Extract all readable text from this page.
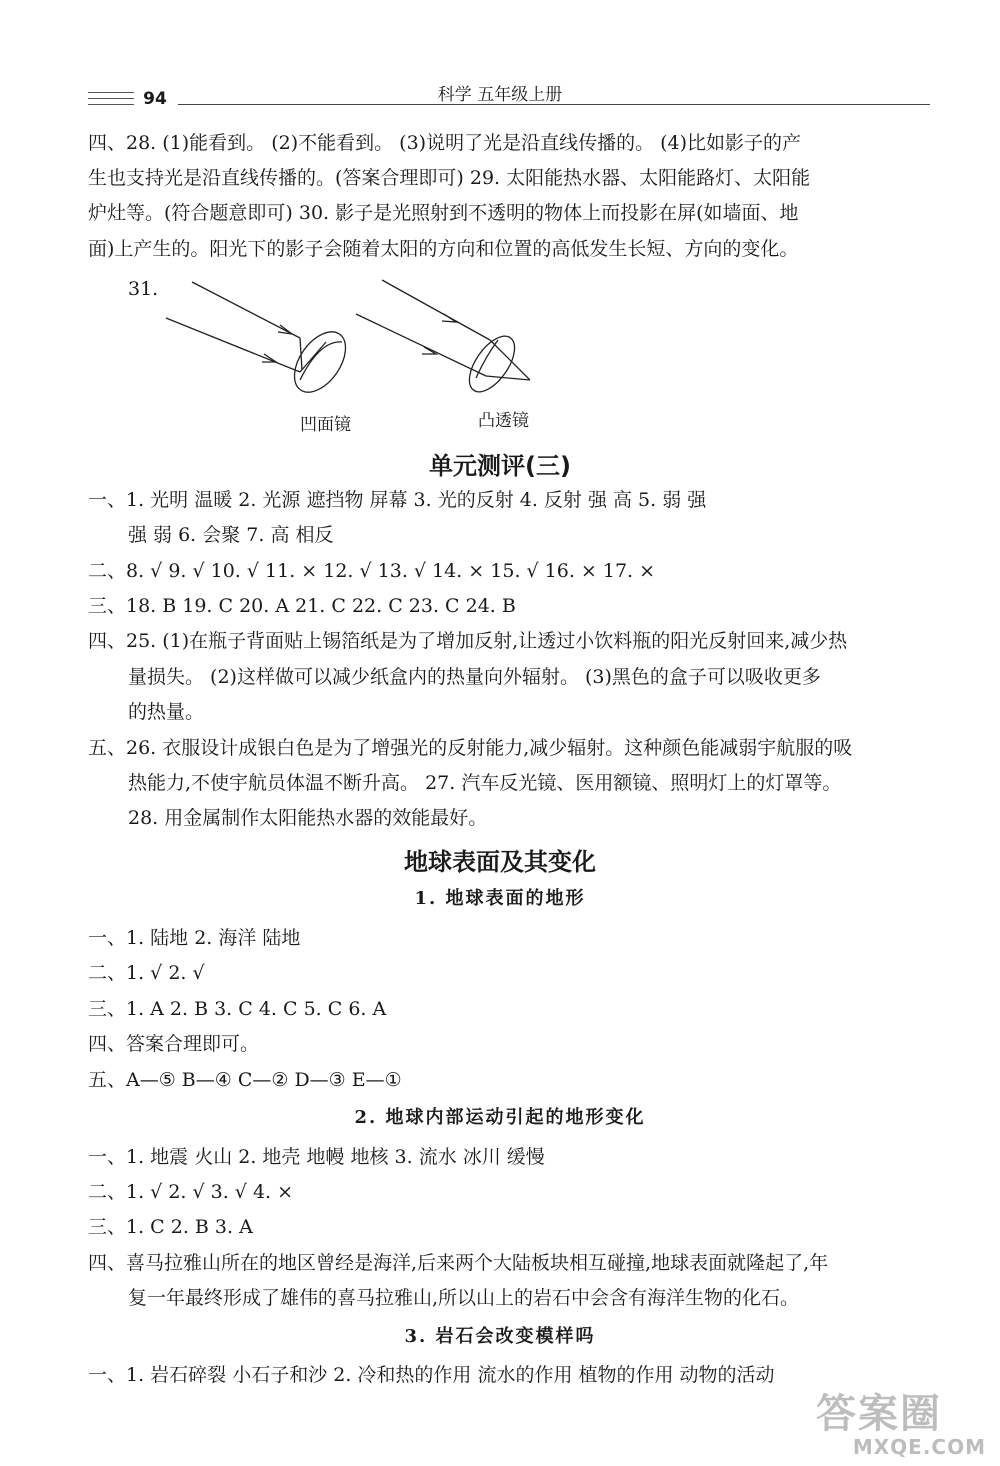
94	科学 五年级上册
四、28. (1)能看到。 (2)不能看到。 (3)说明了光是沿直线传播的。 (4)比如影子的产
生也支持光是沿直线传播的。(答案合理即可) 29. 太阳能热水器、太阳能路灯、太阳能
炉灶等。(符合题意即可) 30. 影子是光照射到不透明的物体上而投影在屏(如墙面、地
面)上产生的。阳光下的影子会随着太阳的方向和位置的高低发生长短、方向的变化。
31.
凹面镜	凸透镜
单元测评(三)
一、1. 光明 温暖 2. 光源 遮挡物 屏幕 3. 光的反射 4. 反射 强 高 5. 弱 强
强 弱 6. 会聚 7. 高 相反
二、8. √ 9. √ 10. √ 11. × 12. √ 13. √ 14. × 15. √ 16. × 17. ×
三、18. B 19. C 20. A 21. C 22. C 23. C 24. B
四、25. (1)在瓶子背面贴上锡箔纸是为了增加反射,让透过小饮料瓶的阳光反射回来,减少热
量损失。 (2)这样做可以减少纸盒内的热量向外辐射。 (3)黑色的盒子可以吸收更多
的热量。
五、26. 衣服设计成银白色是为了增强光的反射能力,减少辐射。这种颜色能减弱宇航服的吸
热能力,不使宇航员体温不断升高。 27. 汽车反光镜、医用额镜、照明灯上的灯罩等。
28. 用金属制作太阳能热水器的效能最好。
地球表面及其变化
1. 地球表面的地形
一、1. 陆地 2. 海洋 陆地
二、1. √ 2. √
三、1. A 2. B 3. C 4. C 5. C 6. A
四、答案合理即可。
五、A—⑤ B—④ C—② D—③ E—①
2. 地球内部运动引起的地形变化
一、1. 地震 火山 2. 地壳 地幔 地核 3. 流水 冰川 缓慢
二、1. √ 2. √ 3. √ 4. ×
三、1. C 2. B 3. A
四、喜马拉雅山所在的地区曾经是海洋,后来两个大陆板块相互碰撞,地球表面就隆起了,年
复一年最终形成了雄伟的喜马拉雅山,所以山上的岩石中会含有海洋生物的化石。
3. 岩石会改变模样吗
一、1. 岩石碎裂 小石子和沙 2. 冷和热的作用 流水的作用 植物的作用 动物的活动
答案圈
MXQE.COM
